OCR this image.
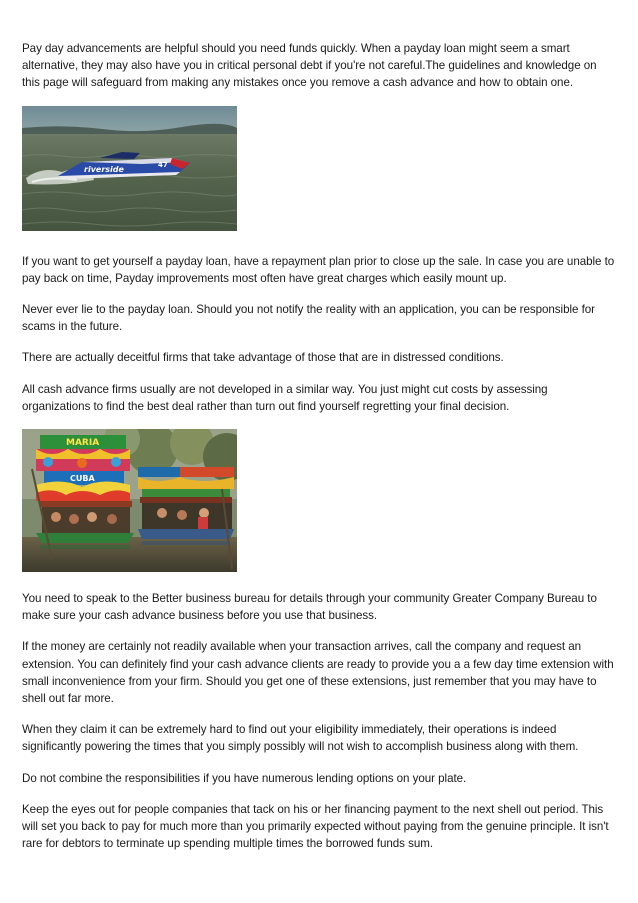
Pay day advancements are helpful should you need funds quickly. When a payday loan might seem a smart alternative, they may also have you in critical personal debt if you're not careful.The guidelines and knowledge on this page will safeguard from making any mistakes once you remove a cash advance and how to obtain one.

riverside	47

If you want to get yourself a payday loan, have a repayment plan prior to close up the sale. In case you are unable to pay back on time, Payday improvements most often have great charges which easily mount up.

Never ever lie to the payday loan. Should you not notify the reality with an application, you can be responsible for scams in the future.

There are actually deceitful firms that take advantage of those that are in distressed conditions.

All cash advance firms usually are not developed in a similar way. You just might cut costs by assessing organizations to find the best deal rather than turn out find yourself regretting your final decision.

MARIA
CUBA

You need to speak to the Better business bureau for details through your community Greater Company Bureau to make sure your cash advance business before you use that business.

If the money are certainly not readily available when your transaction arrives, call the company and request an extension. You can definitely find your cash advance clients are ready to provide you a a few day time extension with small inconvenience from your firm. Should you get one of these extensions, just remember that you may have to shell out far more.

When they claim it can be extremely hard to find out your eligibility immediately, their operations is indeed significantly powering the times that you simply possibly will not wish to accomplish business along with them.

Do not combine the responsibilities if you have numerous lending options on your plate.

Keep the eyes out for people companies that tack on his or her financing payment to the next shell out period. This will set you back to pay for much more than you primarily expected without paying from the genuine principle. It isn't rare for debtors to terminate up spending multiple times the borrowed funds sum.
